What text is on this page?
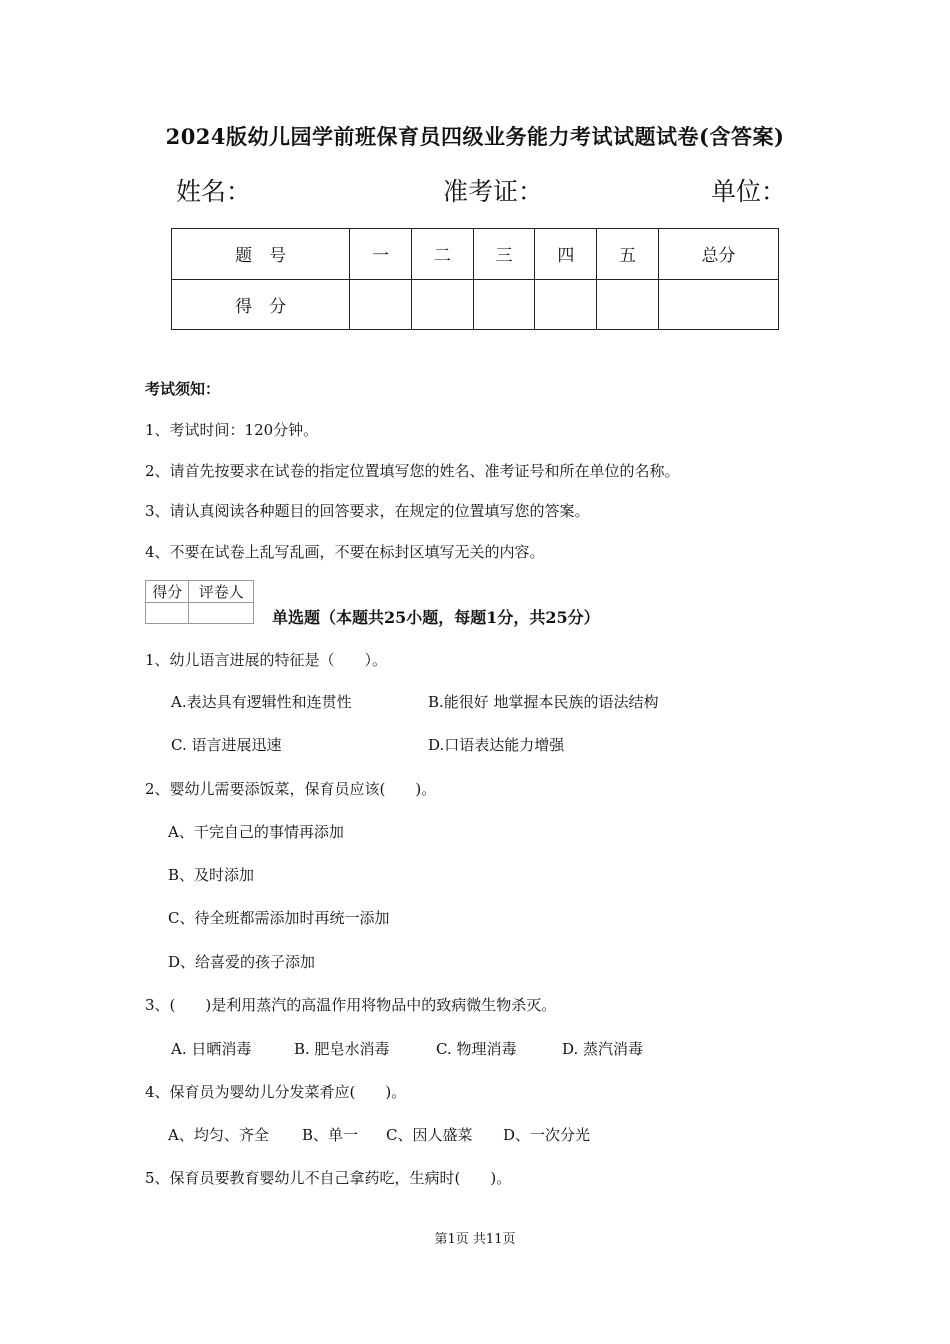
2024版幼儿园学前班保育员四级业务能力考试试题试卷(含答案)
姓名：	准考证：	单位：
题　号	一	二	三	四	五	总分
得　分						
考试须知：
1、考试时间：120分钟。
2、请首先按要求在试卷的指定位置填写您的姓名、准考证号和所在单位的名称。
3、请认真阅读各种题目的回答要求，在规定的位置填写您的答案。
4、不要在试卷上乱写乱画，不要在标封区填写无关的内容。
得分	评卷人

单选题（本题共25小题，每题1分，共25分）
1、幼儿语言进展的特征是（　　）。
A.表达具有逻辑性和连贯性	B.能很好 地掌握本民族的语法结构
C. 语言进展迅速	D.口语表达能力增强
2、婴幼儿需要添饭菜，保育员应该(　　)。
A、干完自己的事情再添加
B、及时添加
C、待全班都需添加时再统一添加
D、给喜爱的孩子添加
3、(　　)是利用蒸汽的高温作用将物品中的致病微生物杀灭。
A. 日晒消毒	B. 肥皂水消毒	C. 物理消毒	D. 蒸汽消毒
4、保育员为婴幼儿分发菜肴应(　　)。
A、均匀、齐全 B、单一 C、因人盛菜 D、一次分光
5、保育员要教育婴幼儿不自己拿药吃，生病时(　　)。
第1页 共11页
